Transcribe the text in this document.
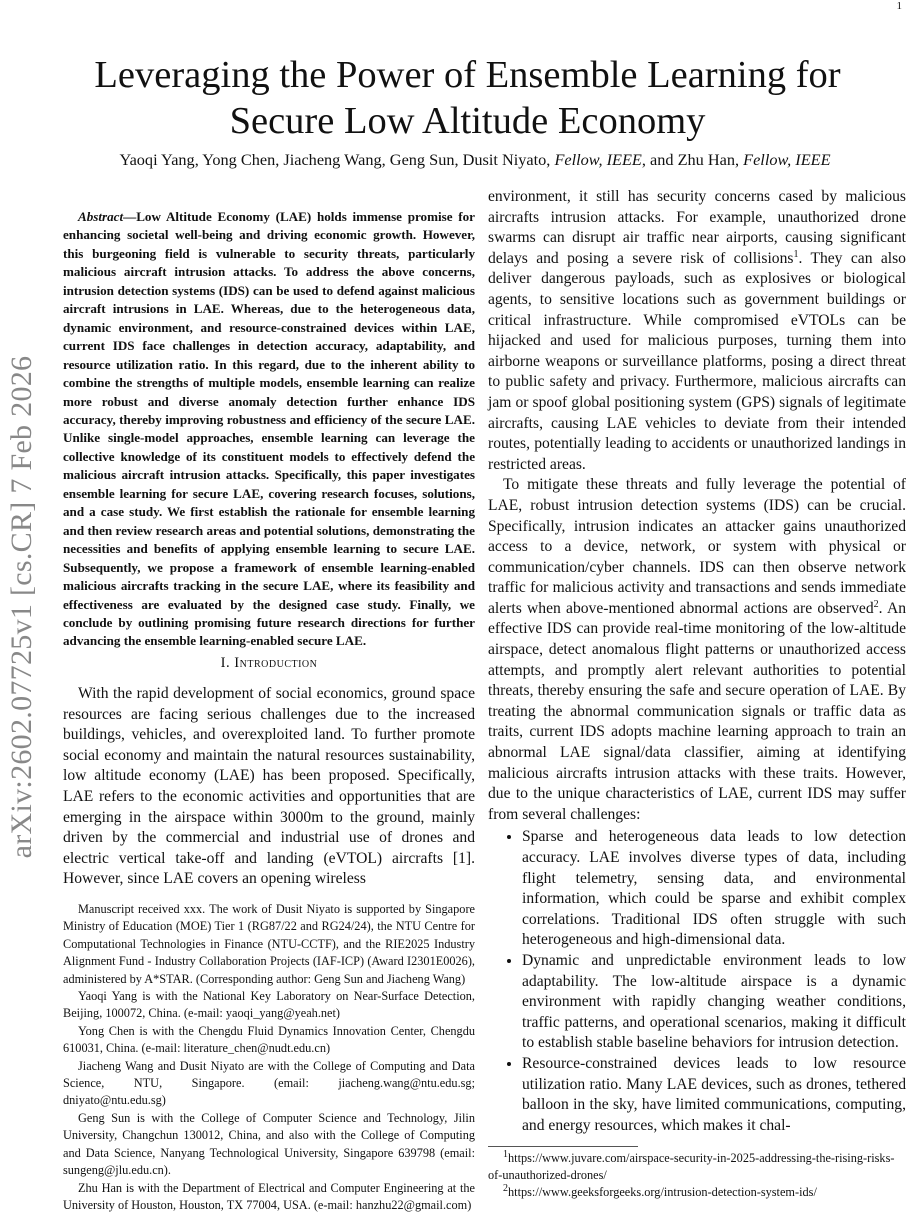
1
arXiv:2602.07725v1 [cs.CR] 7 Feb 2026
Leveraging the Power of Ensemble Learning for Secure Low Altitude Economy
Yaoqi Yang, Yong Chen, Jiacheng Wang, Geng Sun, Dusit Niyato, Fellow, IEEE, and Zhu Han, Fellow, IEEE
Abstract—Low Altitude Economy (LAE) holds immense promise for enhancing societal well-being and driving economic growth. However, this burgeoning field is vulnerable to security threats, particularly malicious aircraft intrusion attacks. To address the above concerns, intrusion detection systems (IDS) can be used to defend against malicious aircraft intrusions in LAE. Whereas, due to the heterogeneous data, dynamic environment, and resource-constrained devices within LAE, current IDS face challenges in detection accuracy, adaptability, and resource utilization ratio. In this regard, due to the inherent ability to combine the strengths of multiple models, ensemble learning can realize more robust and diverse anomaly detection further enhance IDS accuracy, thereby improving robustness and efficiency of the secure LAE. Unlike single-model approaches, ensemble learning can leverage the collective knowledge of its constituent models to effectively defend the malicious aircraft intrusion attacks. Specifically, this paper investigates ensemble learning for secure LAE, covering research focuses, solutions, and a case study. We first establish the rationale for ensemble learning and then review research areas and potential solutions, demonstrating the necessities and benefits of applying ensemble learning to secure LAE. Subsequently, we propose a framework of ensemble learning-enabled malicious aircrafts tracking in the secure LAE, where its feasibility and effectiveness are evaluated by the designed case study. Finally, we conclude by outlining promising future research directions for further advancing the ensemble learning-enabled secure LAE.
I. Introduction
With the rapid development of social economics, ground space resources are facing serious challenges due to the increased buildings, vehicles, and overexploited land. To further promote social economy and maintain the natural resources sustainability, low altitude economy (LAE) has been proposed. Specifically, LAE refers to the economic activities and opportunities that are emerging in the airspace within 3000m to the ground, mainly driven by the commercial and industrial use of drones and electric vertical take-off and landing (eVTOL) aircrafts [1]. However, since LAE covers an opening wireless

Manuscript received xxx. The work of Dusit Niyato is supported by Singapore Ministry of Education (MOE) Tier 1 (RG87/22 and RG24/24), the NTU Centre for Computational Technologies in Finance (NTU-CCTF), and the RIE2025 Industry Alignment Fund - Industry Collaboration Projects (IAF-ICP) (Award I2301E0026), administered by A*STAR. (Corresponding author: Geng Sun and Jiacheng Wang)

Yaoqi Yang is with the National Key Laboratory on Near-Surface Detection, Beijing, 100072, China. (e-mail: yaoqi_yang@yeah.net)

Yong Chen is with the Chengdu Fluid Dynamics Innovation Center, Chengdu 610031, China. (e-mail: literature_chen@nudt.edu.cn)

Jiacheng Wang and Dusit Niyato are with the College of Computing and Data Science, NTU, Singapore. (email: jiacheng.wang@ntu.edu.sg; dniyato@ntu.edu.sg)

Geng Sun is with the College of Computer Science and Technology, Jilin University, Changchun 130012, China, and also with the College of Computing and Data Science, Nanyang Technological University, Singapore 639798 (email: sungeng@jlu.edu.cn).

Zhu Han is with the Department of Electrical and Computer Engineering at the University of Houston, Houston, TX 77004, USA. (e-mail: hanzhu22@gmail.com)

environment, it still has security concerns cased by malicious aircrafts intrusion attacks. For example, unauthorized drone swarms can disrupt air traffic near airports, causing significant delays and posing a severe risk of collisions$^1$. They can also deliver dangerous payloads, such as explosives or biological agents, to sensitive locations such as government buildings or critical infrastructure. While compromised eVTOLs can be hijacked and used for malicious purposes, turning them into airborne weapons or surveillance platforms, posing a direct threat to public safety and privacy. Furthermore, malicious aircrafts can jam or spoof global positioning system (GPS) signals of legitimate aircrafts, causing LAE vehicles to deviate from their intended routes, potentially leading to accidents or unauthorized landings in restricted areas.

To mitigate these threats and fully leverage the potential of LAE, robust intrusion detection systems (IDS) can be crucial. Specifically, intrusion indicates an attacker gains unauthorized access to a device, network, or system with physical or communication/cyber channels. IDS can then observe network traffic for malicious activity and transactions and sends immediate alerts when above-mentioned abnormal actions are observed$^2$. An effective IDS can provide real-time monitoring of the low-altitude airspace, detect anomalous flight patterns or unauthorized access attempts, and promptly alert relevant authorities to potential threats, thereby ensuring the safe and secure operation of LAE. By treating the abnormal communication signals or traffic data as traits, current IDS adopts machine learning approach to train an abnormal LAE signal/data classifier, aiming at identifying malicious aircrafts intrusion attacks with these traits. However, due to the unique characteristics of LAE, current IDS may suffer from several challenges:

• Sparse and heterogeneous data leads to low detection accuracy. LAE involves diverse types of data, including flight telemetry, sensing data, and environmental information, which could be sparse and exhibit complex correlations. Traditional IDS often struggle with such heterogeneous and high-dimensional data.
• Dynamic and unpredictable environment leads to low adaptability. The low-altitude airspace is a dynamic environment with rapidly changing weather conditions, traffic patterns, and operational scenarios, making it difficult to establish stable baseline behaviors for intrusion detection.
• Resource-constrained devices leads to low resource utilization ratio. Many LAE devices, such as drones, tethered balloon in the sky, have limited communications, computing, and energy resources, which makes it chal-

$^1$https://www.juvare.com/airspace-security-in-2025-addressing-the-rising-risks-of-unauthorized-drones/

$^2$https://www.geeksforgeeks.org/intrusion-detection-system-ids/
